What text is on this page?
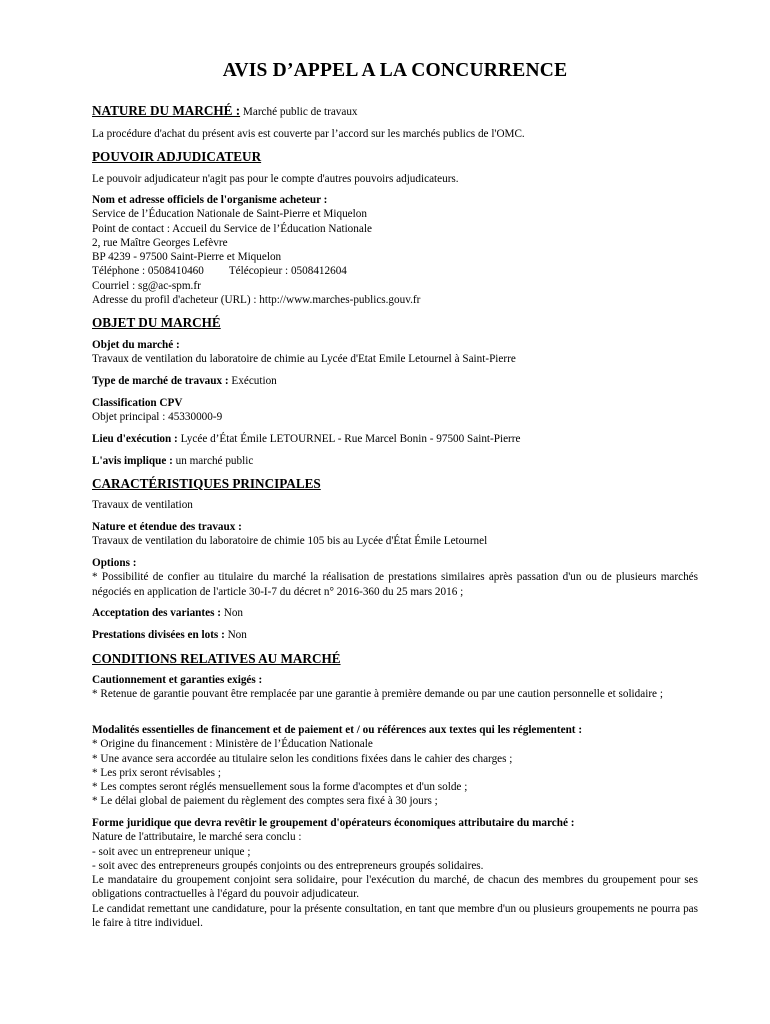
AVIS D’APPEL A LA CONCURRENCE

NATURE DU MARCHÉ : Marché public de travaux

La procédure d'achat du présent avis est couverte par l’accord sur les marchés publics de l'OMC.

POUVOIR ADJUDICATEUR

Le pouvoir adjudicateur n'agit pas pour le compte d'autres pouvoirs adjudicateurs.

Nom et adresse officiels de l'organisme acheteur :

Service de l’Éducation Nationale de Saint-Pierre et Miquelon

Point de contact : Accueil du Service de l’Éducation Nationale

2, rue Maître Georges Lefèvre

BP 4239 - 97500 Saint-Pierre et Miquelon

Téléphone : 0508410460         Télécopieur : 0508412604

Courriel : sg@ac-spm.fr

Adresse du profil d'acheteur (URL) : http://www.marches-publics.gouv.fr

OBJET DU MARCHÉ

Objet du marché :

Travaux de ventilation du laboratoire de chimie au Lycée d'Etat Emile Letournel à Saint-Pierre

Type de marché de travaux : Exécution

Classification CPV

Objet principal : 45330000-9

Lieu d'exécution : Lycée d’État Émile LETOURNEL - Rue Marcel Bonin - 97500 Saint-Pierre

L'avis implique : un marché public

CARACTÉRISTIQUES PRINCIPALES

Travaux de ventilation

Nature et étendue des travaux :

Travaux de ventilation du laboratoire de chimie 105 bis au Lycée d'État Émile Letournel

Options :

* Possibilité de confier au titulaire du marché la réalisation de prestations similaires après passation d'un ou de plusieurs marchés négociés en application de l'article 30-I-7 du décret n° 2016-360 du 25 mars 2016 ;

Acceptation des variantes : Non

Prestations divisées en lots : Non

CONDITIONS RELATIVES AU MARCHÉ

Cautionnement et garanties exigés :

* Retenue de garantie pouvant être remplacée par une garantie à première demande ou par une caution personnelle et solidaire ;

Modalités essentielles de financement et de paiement et / ou références aux textes qui les réglementent :

* Origine du financement : Ministère de l’Éducation Nationale

* Une avance sera accordée au titulaire selon les conditions fixées dans le cahier des charges ;

* Les prix seront révisables ;

* Les comptes seront réglés mensuellement sous la forme d'acomptes et d'un solde ;

* Le délai global de paiement du règlement des comptes sera fixé à 30 jours ;

Forme juridique que devra revêtir le groupement d'opérateurs économiques attributaire du marché :

Nature de l'attributaire, le marché sera conclu :

- soit avec un entrepreneur unique ;

- soit avec des entrepreneurs groupés conjoints ou des entrepreneurs groupés solidaires.

Le mandataire du groupement conjoint sera solidaire, pour l'exécution du marché, de chacun des membres du groupement pour ses obligations contractuelles à l'égard du pouvoir adjudicateur.

Le candidat remettant une candidature, pour la présente consultation, en tant que membre d'un ou plusieurs groupements ne pourra pas le faire à titre individuel.
